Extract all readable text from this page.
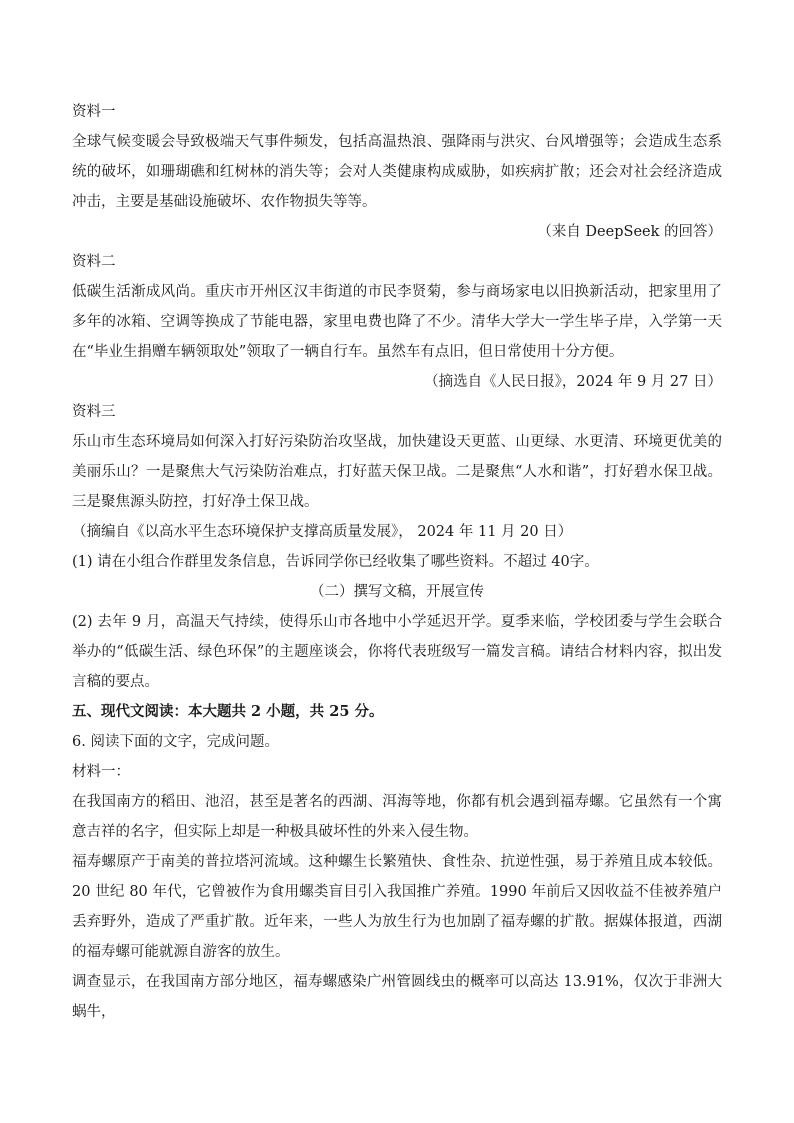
资料一

全球气候变暖会导致极端天气事件频发，包括高温热浪、强降雨与洪灾、台风增强等；会造成生态系统的破坏，如珊瑚礁和红树林的消失等；会对人类健康构成威胁，如疾病扩散；还会对社会经济造成冲击，主要是基础设施破坏、农作物损失等等。

（来自 DeepSeek 的回答）

资料二

低碳生活渐成风尚。重庆市开州区汉丰街道的市民李贤菊，参与商场家电以旧换新活动，把家里用了多年的冰箱、空调等换成了节能电器，家里电费也降了不少。清华大学大一学生毕子岸，入学第一天在“毕业生捐赠车辆领取处”领取了一辆自行车。虽然车有点旧，但日常使用十分方便。

（摘选自《人民日报》，2024 年 9 月 27 日）

资料三

乐山市生态环境局如何深入打好污染防治攻坚战，加快建设天更蓝、山更绿、水更清、环境更优美的美丽乐山？一是聚焦大气污染防治难点，打好蓝天保卫战。二是聚焦“人水和谐”，打好碧水保卫战。三是聚焦源头防控，打好净土保卫战。

（摘编自《以高水平生态环境保护支撑高质量发展》， 2024 年 11 月 20 日）

(1) 请在小组合作群里发条信息，告诉同学你已经收集了哪些资料。不超过 40字。

（二）撰写文稿，开展宣传

(2) 去年 9 月，高温天气持续，使得乐山市各地中小学延迟开学。夏季来临，学校团委与学生会联合举办的“低碳生活、绿色环保”的主题座谈会，你将代表班级写一篇发言稿。请结合材料内容，拟出发言稿的要点。

五、现代文阅读：本大题共 2 小题，共 25 分。

6. 阅读下面的文字，完成问题。

材料一：

在我国南方的稻田、池沼，甚至是著名的西湖、洱海等地，你都有机会遇到福寿螺。它虽然有一个寓意吉祥的名字，但实际上却是一种极具破坏性的外来入侵生物。

福寿螺原产于南美的普拉塔河流域。这种螺生长繁殖快、食性杂、抗逆性强，易于养殖且成本较低。 20 世纪 80 年代，它曾被作为食用螺类盲目引入我国推广养殖。1990 年前后又因收益不佳被养殖户丢弃野外，造成了严重扩散。近年来，一些人为放生行为也加剧了福寿螺的扩散。据媒体报道，西湖的福寿螺可能就源自游客的放生。

调查显示，在我国南方部分地区，福寿螺感染广州管圆线虫的概率可以高达 13.91%，仅次于非洲大蜗牛，
